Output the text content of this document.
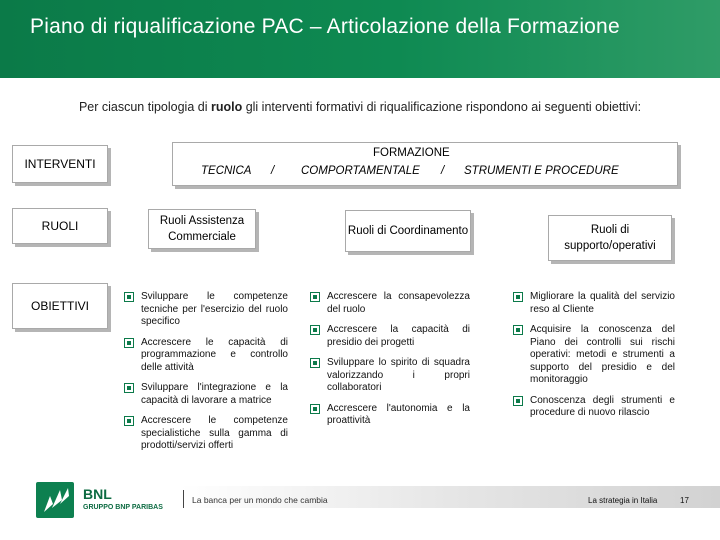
Piano di riqualificazione PAC – Articolazione della Formazione
Per ciascun tipologia di ruolo gli interventi formativi di riqualificazione rispondono ai seguenti obiettivi:
INTERVENTI
RUOLI
OBIETTIVI
TECNICA /
FORMAZIONE
COMPORTAMENTALE / STRUMENTI E PROCEDURE
Ruoli Assistenza Commerciale	Ruoli di Coordinamento	Ruoli di supporto/operativi
Sviluppare le competenze tecniche per l'esercizio del ruolo specifico
Accrescere le capacità di programmazione e controllo delle attività
Sviluppare l'integrazione e la capacità di lavorare a matrice
Accrescere le competenze specialistiche sulla gamma di prodotti/servizi offerti
Accrescere la consapevolezza del ruolo
Accrescere la capacità di presidio dei progetti
Sviluppare lo spirito di squadra valorizzando i propri collaboratori
Accrescere l'autonomia e la proattività
Migliorare la qualità del servizio reso al Cliente
Acquisire la conoscenza del Piano dei controlli sui rischi operativi: metodi e strumenti a supporto del presidio e del monitoraggio
Conoscenza degli strumenti e procedure di nuovo rilascio
BNL
GRUPPO BNP PARIBAS
La banca per un mondo che cambia	La strategia in Italia	17
